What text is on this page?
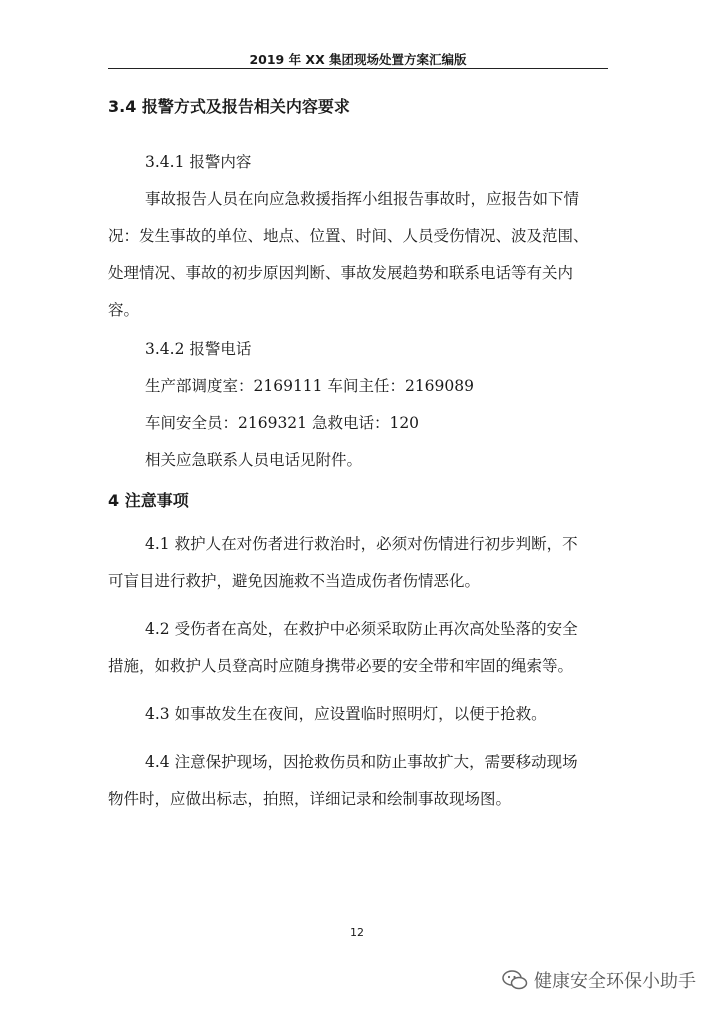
2019 年 XX 集团现场处置方案汇编版
3.4 报警方式及报告相关内容要求
3.4.1 报警内容
事故报告人员在向应急救援指挥小组报告事故时，应报告如下情
况：发生事故的单位、地点、位置、时间、人员受伤情况、波及范围、
处理情况、事故的初步原因判断、事故发展趋势和联系电话等有关内
容。
3.4.2 报警电话
生产部调度室：2169111 车间主任：2169089
车间安全员：2169321 急救电话：120
相关应急联系人员电话见附件。
4 注意事项
4.1 救护人在对伤者进行救治时，必须对伤情进行初步判断，不
可盲目进行救护，避免因施救不当造成伤者伤情恶化。
4.2 受伤者在高处，在救护中必须采取防止再次高处坠落的安全
措施，如救护人员登高时应随身携带必要的安全带和牢固的绳索等。
4.3 如事故发生在夜间，应设置临时照明灯，以便于抢救。
4.4 注意保护现场，因抢救伤员和防止事故扩大，需要移动现场
物件时，应做出标志，拍照，详细记录和绘制事故现场图。
12
健康安全环保小助手
